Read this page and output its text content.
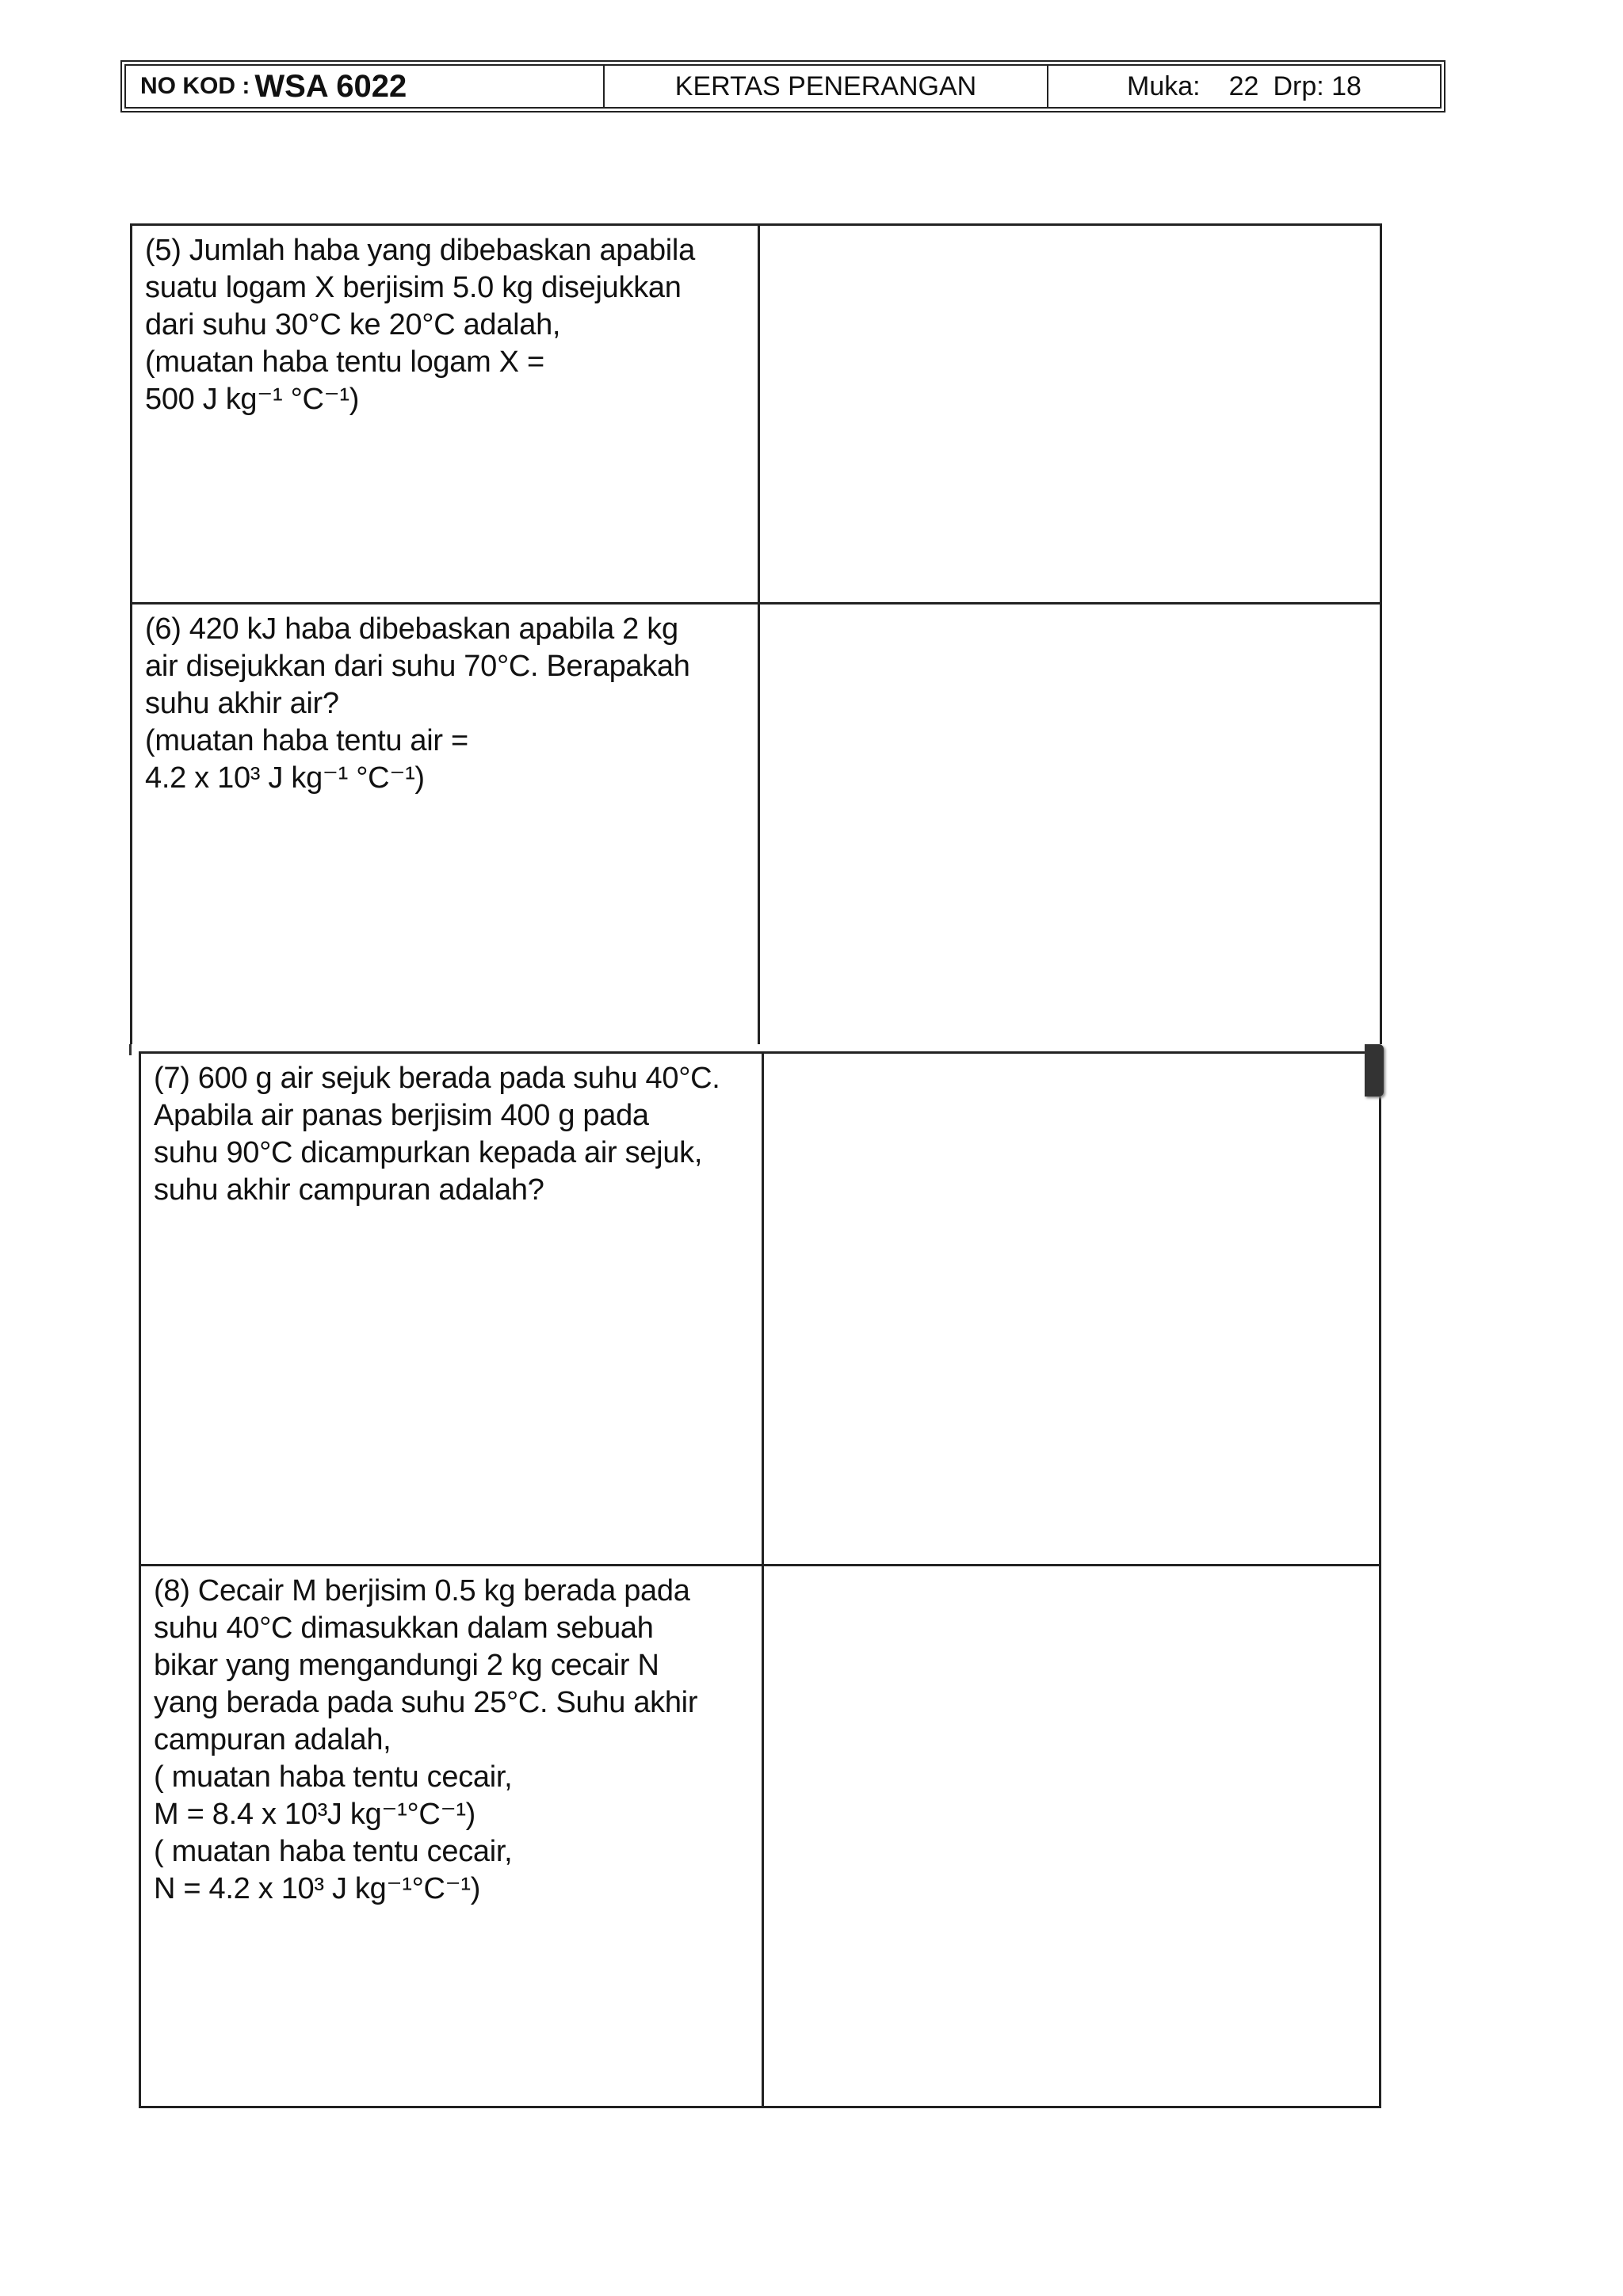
NO KOD : WSA 6022	KERTAS PENERANGAN	Muka: 22 Drp: 18
(5) Jumlah haba yang dibebaskan apabila
suatu logam X berjisim 5.0 kg disejukkan
dari suhu 30°C ke 20°C adalah,
(muatan haba tentu logam X =
500 J kg⁻¹ °C⁻¹)
(6) 420 kJ haba dibebaskan apabila 2 kg
air disejukkan dari suhu 70°C. Berapakah
suhu akhir air?
(muatan haba tentu air =
4.2 x 10³ J kg⁻¹ °C⁻¹)
(7) 600 g air sejuk berada pada suhu 40°C.
Apabila air panas berjisim 400 g pada
suhu 90°C dicampurkan kepada air sejuk,
suhu akhir campuran adalah?
(8) Cecair M berjisim 0.5 kg berada pada
suhu 40°C dimasukkan dalam sebuah
bikar yang mengandungi 2 kg cecair N
yang berada pada suhu 25°C. Suhu akhir
campuran adalah,
( muatan haba tentu cecair,
M = 8.4 x 10³J kg⁻¹°C⁻¹)
( muatan haba tentu cecair,
N = 4.2 x 10³ J kg⁻¹°C⁻¹)
